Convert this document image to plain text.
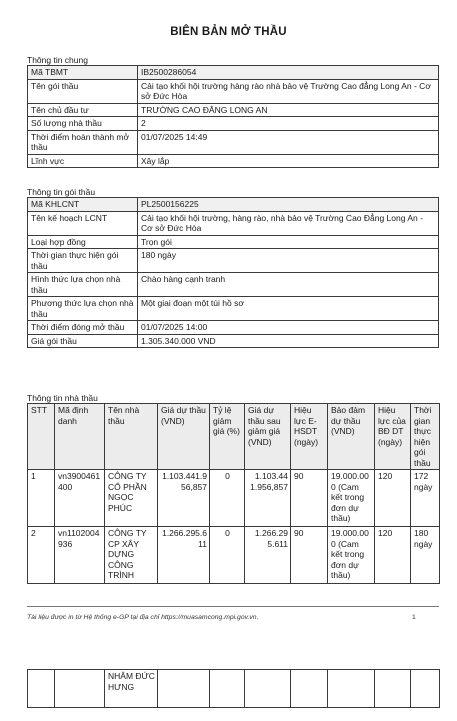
BIÊN BẢN MỞ THẦU
Thông tin chung
Mã TBMT	IB2500286054
Tên gói thầu	Cải tạo khối hội trường hàng rào nhà bảo vệ Trường Cao đẳng Long An - Cơ sở Đức Hòa
Tên chủ đầu tư	TRƯỜNG CAO ĐẲNG LONG AN
Số lượng nhà thầu	2
Thời điểm hoàn thành mở thầu	01/07/2025 14:49
Lĩnh vực	Xây lắp
Thông tin gói thầu
Mã KHLCNT	PL2500156225
Tên kế hoạch LCNT	Cải tạo khối hội trường, hàng rào, nhà bảo vệ Trường Cao Đẳng Long An - Cơ sở Đức Hòa
Loại hợp đồng	Trọn gói
Thời gian thực hiện gói thầu	180 ngày
Hình thức lựa chọn nhà thầu	Chào hàng cạnh tranh
Phương thức lựa chọn nhà thầu	Một giai đoạn một túi hồ sơ
Thời điểm đóng mở thầu	01/07/2025 14:00
Giá gói thầu	1.305.340.000 VND
Thông tin nhà thầu
STT	Mã định danh	Tên nhà thầu	Giá dự thầu (VND)	Tỷ lệ giảm giá (%)	Giá dự thầu sau giảm giá (VND)	Hiệu lực E-HSDT (ngày)	Bảo đảm dự thầu (VND)	Hiệu lực của BĐ DT (ngày)	Thời gian thực hiện gói thầu
1	vn3900461400	CÔNG TY CỔ PHẦN NGỌC PHÚC	1.103.441.956,857	0	1.103.441.956,857	90	19.000.000 (Cam kết trong đơn dự thầu)	120	172 ngày
2	vn1102004936	CÔNG TY CP XÂY DỰNG CÔNG TRÌNH	1.266.295.611	0	1.266.295.611	90	19.000.000 (Cam kết trong đơn dự thầu)	120	180 ngày
Tài liệu được in từ Hệ thống e-GP tại địa chỉ https://muasamcong.mpi.gov.vn.	1
		NHÂM ĐỨC HƯNG							
